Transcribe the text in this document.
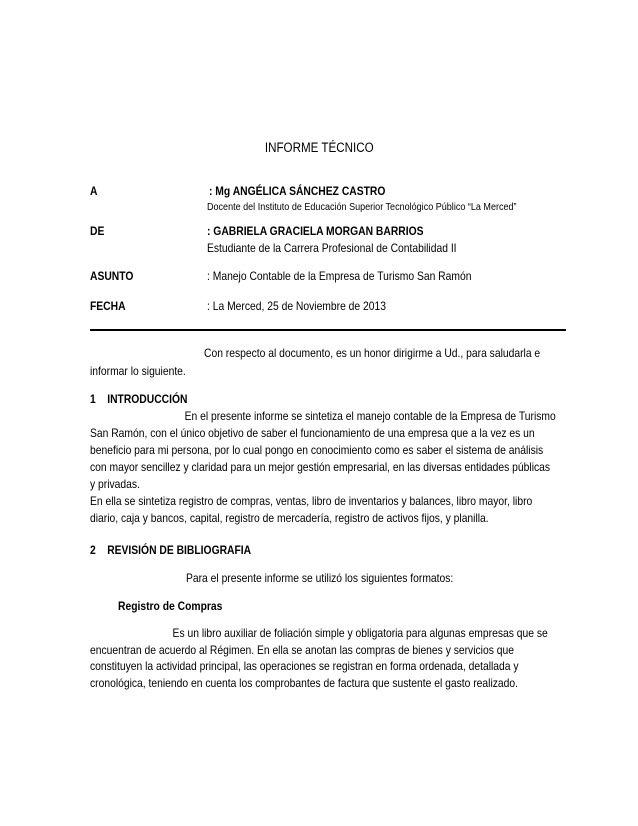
INFORME TÉCNICO
A	: Mg ANGÉLICA SÁNCHEZ CASTRO
Docente del Instituto de Educación Superior Tecnológico Público “La Merced”
DE	: GABRIELA GRACIELA MORGAN BARRIOS
Estudiante de la Carrera Profesional de Contabilidad II
ASUNTO	: Manejo Contable de la Empresa de Turismo San Ramón
FECHA	: La Merced, 25 de Noviembre de 2013
Con respecto al documento, es un honor dirigirme a Ud., para saludarla e
informar lo siguiente.
1    INTRODUCCIÓN
En el presente informe se sintetiza el manejo contable de la Empresa de Turismo
San Ramón, con el único objetivo de saber el funcionamiento de una empresa que a la vez es un
beneficio para mi persona, por lo cual pongo en conocimiento como es saber el sistema de análisis
con mayor sencillez y claridad para un mejor gestión empresarial, en las diversas entidades públicas
y privadas.
En ella se sintetiza registro de compras, ventas, libro de inventarios y balances, libro mayor, libro
diario, caja y bancos, capital, registro de mercadería, registro de activos fijos, y planilla.
2    REVISIÓN DE BIBLIOGRAFIA
Para el presente informe se utilizó los siguientes formatos:
Registro de Compras
Es un libro auxiliar de foliación simple y obligatoria para algunas empresas que se
encuentran de acuerdo al Régimen. En ella se anotan las compras de bienes y servicios que
constituyen la actividad principal, las operaciones se registran en forma ordenada, detallada y
cronológica, teniendo en cuenta los comprobantes de factura que sustente el gasto realizado.
